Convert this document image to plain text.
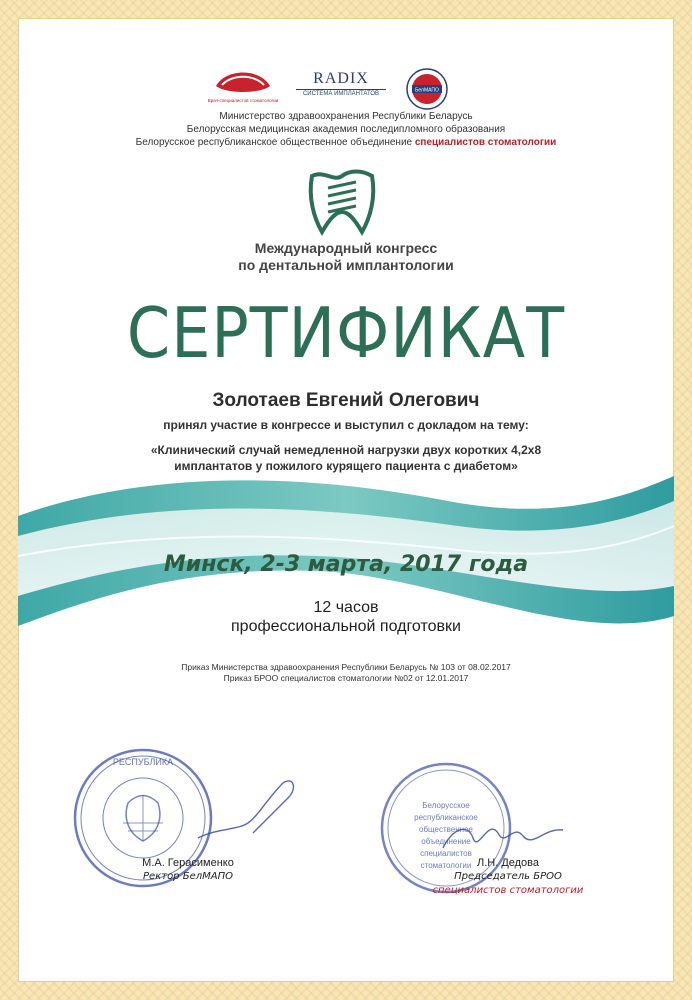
Врач-специалистов стоматологии
RADIX
СИСТЕМА ИМПЛАНТАТОВ
БелМАПО
Министерство здравоохранения Республики Беларусь
Белорусская медицинская академия последипломного образования
Белорусское республиканское общественное объединение специалистов стоматологии
Международный конгресс
по дентальной имплантологии
СЕРТИФИКАТ
Золотаев Евгений Олегович
принял участие в конгрессе и выступил с докладом на тему:
«Клинический случай немедленной нагрузки двух коротких 4,2х8
имплантатов у пожилого курящего пациента с диабетом»
Минск, 2-3 марта, 2017 года
12 часов
профессиональной подготовки
Приказ Министерства здравоохранения Республики Беларусь № 103 от 08.02.2017
Приказ БРОО специалистов стоматологии №02 от 12.01.2017
РЕСПУБЛИКА
Белорусское
республиканское
общественное
объединение
специалистов
стоматологии
М.А. Герасименко
Ректор БелМАПО
Л.Н. Дедова
Председатель БРОО
специалистов стоматологии
